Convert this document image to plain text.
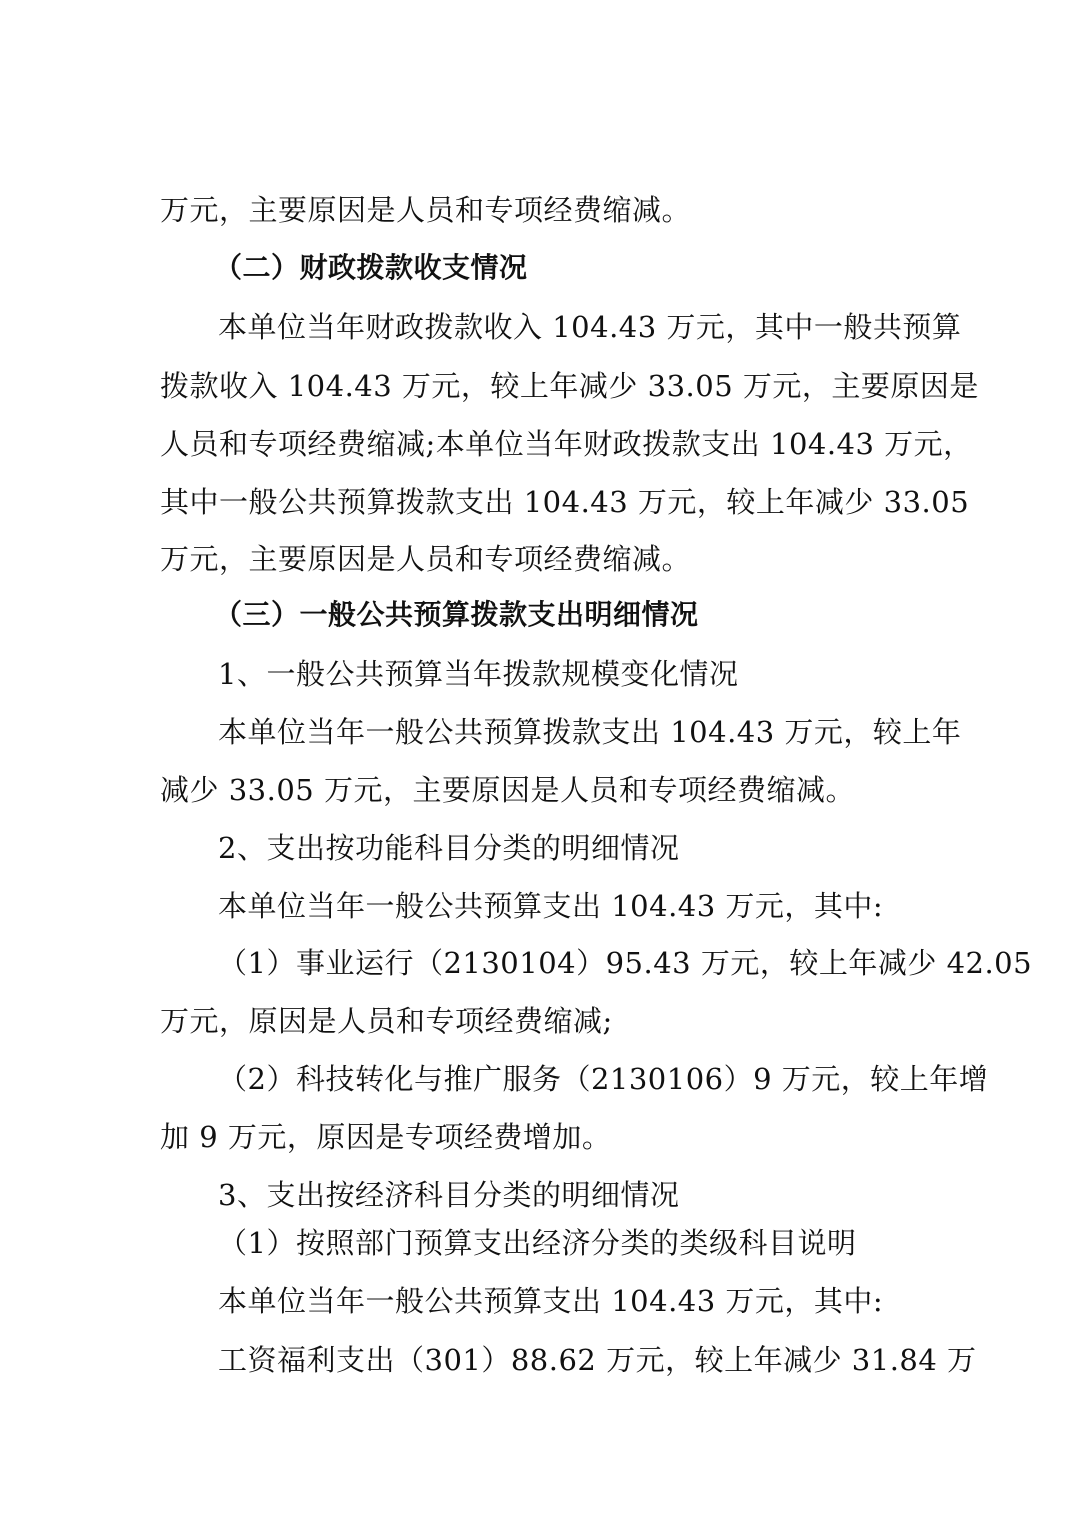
万元，主要原因是人员和专项经费缩减。
（二）财政拨款收支情况
本单位当年财政拨款收入 104.43 万元，其中一般共预算
拨款收入 104.43 万元，较上年减少 33.05 万元，主要原因是
人员和专项经费缩减;本单位当年财政拨款支出 104.43 万元，
其中一般公共预算拨款支出 104.43 万元，较上年减少 33.05
万元，主要原因是人员和专项经费缩减。
（三）一般公共预算拨款支出明细情况
1、一般公共预算当年拨款规模变化情况
本单位当年一般公共预算拨款支出 104.43 万元，较上年
减少 33.05 万元，主要原因是人员和专项经费缩减。
2、支出按功能科目分类的明细情况
本单位当年一般公共预算支出 104.43 万元，其中:
（1）事业运行（2130104）95.43 万元，较上年减少 42.05
万元，原因是人员和专项经费缩减;
（2）科技转化与推广服务（2130106）9 万元，较上年增
加 9 万元，原因是专项经费增加。
3、支出按经济科目分类的明细情况
（1）按照部门预算支出经济分类的类级科目说明
本单位当年一般公共预算支出 104.43 万元，其中:
工资福利支出（301）88.62 万元，较上年减少 31.84 万
